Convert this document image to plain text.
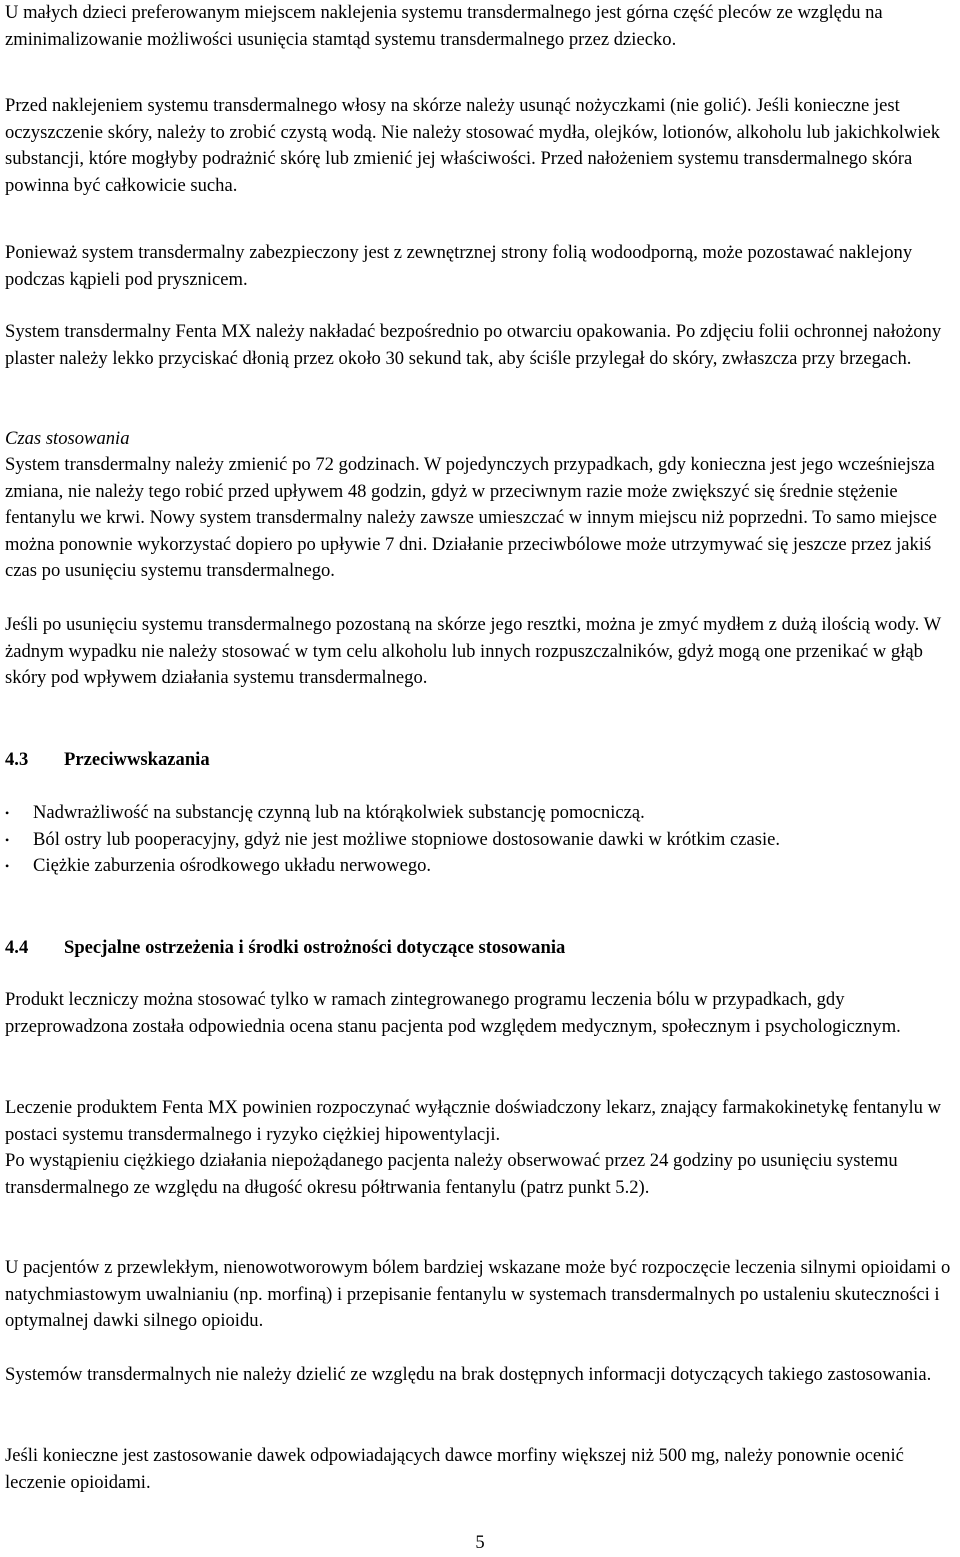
U małych dzieci preferowanym miejscem naklejenia systemu transdermalnego jest górna część pleców ze względu na zminimalizowanie możliwości usunięcia stamtąd systemu transdermalnego przez dziecko.

Przed naklejeniem systemu transdermalnego włosy na skórze należy usunąć nożyczkami (nie golić). Jeśli konieczne jest oczyszczenie skóry, należy to zrobić czystą wodą. Nie należy stosować mydła, olejków, lotionów, alkoholu lub jakichkolwiek substancji, które mogłyby podrażnić skórę lub zmienić jej właściwości. Przed nałożeniem systemu transdermalnego skóra powinna być całkowicie sucha.

Ponieważ system transdermalny zabezpieczony jest z zewnętrznej strony folią wodoodporną, może pozostawać naklejony podczas kąpieli pod prysznicem.

System transdermalny Fenta MX należy nakładać bezpośrednio po otwarciu opakowania. Po zdjęciu folii ochronnej nałożony plaster należy lekko przyciskać dłonią przez około 30 sekund tak, aby ściśle przylegał do skóry, zwłaszcza przy brzegach.

Czas stosowania

System transdermalny należy zmienić po 72 godzinach. W pojedynczych przypadkach, gdy konieczna jest jego wcześniejsza zmiana, nie należy tego robić przed upływem 48 godzin, gdyż w przeciwnym razie może zwiększyć się średnie stężenie fentanylu we krwi. Nowy system transdermalny należy zawsze umieszczać w innym miejscu niż poprzedni. To samo miejsce można ponownie wykorzystać dopiero po upływie 7 dni. Działanie przeciwbólowe może utrzymywać się jeszcze przez jakiś czas po usunięciu systemu transdermalnego.

Jeśli po usunięciu systemu transdermalnego pozostaną na skórze jego resztki, można je zmyć mydłem z dużą ilością wody. W żadnym wypadku nie należy stosować w tym celu alkoholu lub innych rozpuszczalników, gdyż mogą one przenikać w głąb skóry pod wpływem działania systemu transdermalnego.

4.3 Przeciwwskazania

•	Nadwrażliwość na substancję czynną lub na którąkolwiek substancję pomocniczą.
•	Ból ostry lub pooperacyjny, gdyż nie jest możliwe stopniowe dostosowanie dawki w krótkim czasie.
•	Ciężkie zaburzenia ośrodkowego układu nerwowego.

4.4 Specjalne ostrzeżenia i środki ostrożności dotyczące stosowania

Produkt leczniczy można stosować tylko w ramach zintegrowanego programu leczenia bólu w przypadkach, gdy przeprowadzona została odpowiednia ocena stanu pacjenta pod względem medycznym, społecznym i psychologicznym.

Leczenie produktem Fenta MX powinien rozpoczynać wyłącznie doświadczony lekarz, znający farmakokinetykę fentanylu w postaci systemu transdermalnego i ryzyko ciężkiej hipowentylacji.

Po wystąpieniu ciężkiego działania niepożądanego pacjenta należy obserwować przez 24 godziny po usunięciu systemu transdermalnego ze względu na długość okresu półtrwania fentanylu (patrz punkt 5.2).

U pacjentów z przewlekłym, nienowotworowym bólem bardziej wskazane może być rozpoczęcie leczenia silnymi opioidami o natychmiastowym uwalnianiu (np. morfiną) i przepisanie fentanylu w systemach transdermalnych po ustaleniu skuteczności i optymalnej dawki silnego opioidu.

Systemów transdermalnych nie należy dzielić ze względu na brak dostępnych informacji dotyczących takiego zastosowania.

Jeśli konieczne jest zastosowanie dawek odpowiadających dawce morfiny większej niż 500 mg, należy ponownie ocenić leczenie opioidami.

5
